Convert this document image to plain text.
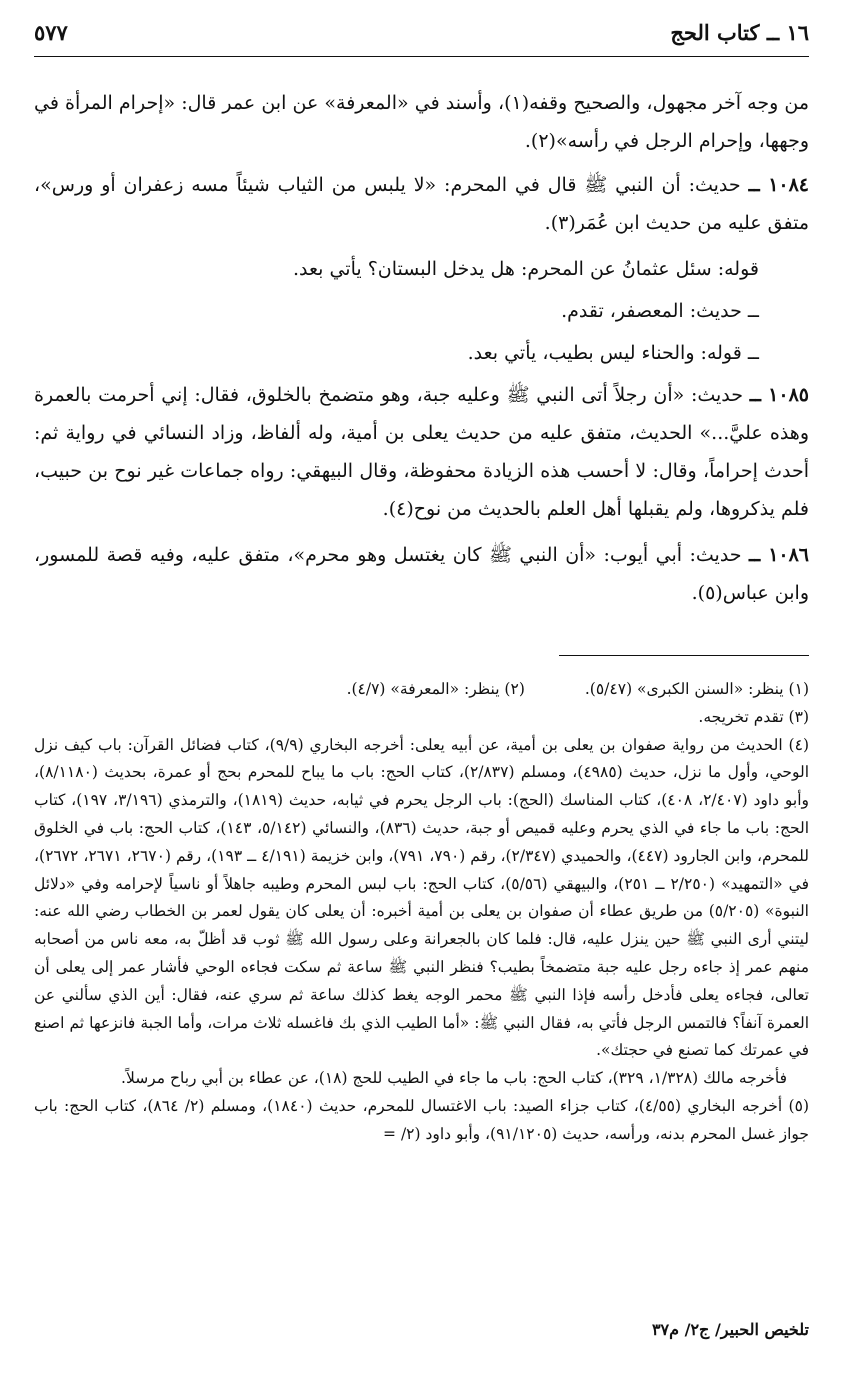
١٦ ــ كتاب الحج
٥٧٧

من وجه آخر مجهول، والصحيح وقفه(١)، وأسند في «المعرفة» عن ابن عمر قال: «إحرام المرأة في وجهها، وإحرام الرجل في رأسه»(٢).

١٠٨٤ ــ حديث: أن النبي ﷺ قال في المحرم: «لا يلبس من الثياب شيئاً مسه زعفران أو ورس»، متفق عليه من حديث ابن عُمَر(٣).

قوله: سئل عثمانُ عن المحرم: هل يدخل البستان؟ يأتي بعد.

ــ حديث: المعصفر، تقدم.

ــ قوله: والحناء ليس بطيب، يأتي بعد.

١٠٨٥ ــ حديث: «أن رجلاً أتى النبي ﷺ وعليه جبة، وهو متضمخ بالخلوق، فقال: إني أحرمت بالعمرة وهذه عليَّ...» الحديث، متفق عليه من حديث يعلى بن أمية، وله ألفاظ، وزاد النسائي في رواية ثم: أحدث إحراماً، وقال: لا أحسب هذه الزيادة محفوظة، وقال البيهقي: رواه جماعات غير نوح بن حبيب، فلم يذكروها، ولم يقبلها أهل العلم بالحديث من نوح(٤).

١٠٨٦ ــ حديث: أبي أيوب: «أن النبي ﷺ كان يغتسل وهو محرم»، متفق عليه، وفيه قصة للمسور، وابن عباس(٥).

(١) ينظر: «السنن الكبرى» (٥/٤٧).

(٢) ينظر: «المعرفة» (٤/٧).

(٣) تقدم تخريجه.

(٤) الحديث من رواية صفوان بن يعلى بن أمية، عن أبيه يعلى: أخرجه البخاري (٩/٩)، كتاب فضائل القرآن: باب كيف نزل الوحي، وأول ما نزل، حديث (٤٩٨٥)، ومسلم (٢/٨٣٧)، كتاب الحج: باب ما يباح للمحرم بحج أو عمرة، بحديث (٨/١١٨٠)، وأبو داود (٢/٤٠٧، ٤٠٨)، كتاب المناسك (الحج): باب الرجل يحرم في ثيابه، حديث (١٨١٩)، والترمذي (٣/١٩٦، ١٩٧)، كتاب الحج: باب ما جاء في الذي يحرم وعليه قميص أو جبة، حديث (٨٣٦)، والنسائي (٥/١٤٢، ١٤٣)، كتاب الحج: باب في الخلوق للمحرم، وابن الجارود (٤٤٧)، والحميدي (٢/٣٤٧)، رقم (٧٩٠، ٧٩١)، وابن خزيمة (٤/١٩١ ــ ١٩٣)، رقم (٢٦٧٠، ٢٦٧١، ٢٦٧٢)، في «التمهيد» (٢/٢٥٠ ــ ٢٥١)، والبيهقي (٥/٥٦)، كتاب الحج: باب لبس المحرم وطيبه جاهلاً أو ناسياً لإحرامه وفي «دلائل النبوة» (٥/٢٠٥) من طريق عطاء أن صفوان بن يعلى بن أمية أخبره: أن يعلى كان يقول لعمر بن الخطاب رضي الله عنه: ليتني أرى النبي ﷺ حين ينزل عليه، قال: فلما كان بالجعرانة وعلى رسول الله ﷺ ثوب قد أظلّ به، معه ناس من أصحابه منهم عمر إذ جاءه رجل عليه جبة متضمخاً بطيب؟ فنظر النبي ﷺ ساعة ثم سكت فجاءه الوحي فأشار عمر إلى يعلى أن تعالى، فجاءه يعلى فأدخل رأسه فإذا النبي ﷺ محمر الوجه يغط كذلك ساعة ثم سري عنه، فقال: أين الذي سألني عن العمرة آنفاً؟ فالتمس الرجل فأتي به، فقال النبي ﷺ: «أما الطيب الذي بك فاغسله ثلاث مرات، وأما الجبة فانزعها ثم اصنع في عمرتك كما تصنع في حجتك».

فأخرجه مالك (١/٣٢٨، ٣٢٩)، كتاب الحج: باب ما جاء في الطيب للحج (١٨)، عن عطاء بن أبي رباح مرسلاً.

(٥) أخرجه البخاري (٤/٥٥)، كتاب جزاء الصيد: باب الاغتسال للمحرم، حديث (١٨٤٠)، ومسلم (٢/ ٨٦٤)، كتاب الحج: باب جواز غسل المحرم بدنه، ورأسه، حديث (٩١/١٢٠٥)، وأبو داود (٢/ =

تلخيص الحبير/ ج٢/ م٣٧
